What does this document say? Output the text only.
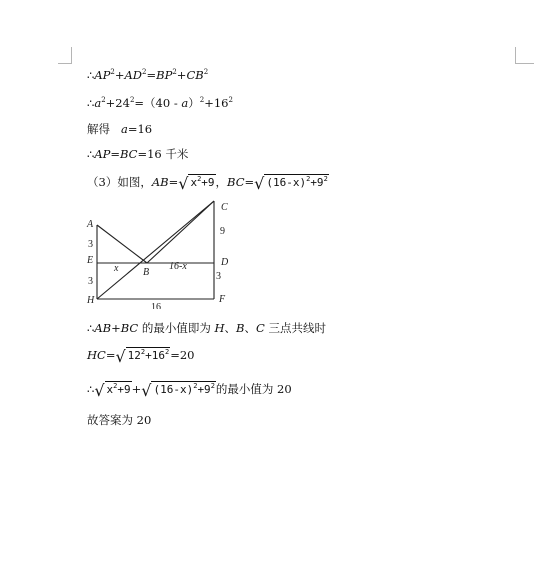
$\therefore AP^2+AD^2=BP^2+CB^2$
$\therefore a^2+24^2=(40 - a)^2+16^2$
解得 a=16
∴AP=BC=16 千米
（3）如图，AB=√ $x^2+9$，BC=√ $(16-x)^2+9^2$
A
C
E	D
H	F
B
x	16-x
3
3
9
3
16
∴AB+BC 的最小值即为 H、B、C 三点共线时
HC=√ $12^2+16^2=20$
∴√ $x^2+9+√$ $(16-x)^2+9^2$的最小值为 20
故答案为 20
